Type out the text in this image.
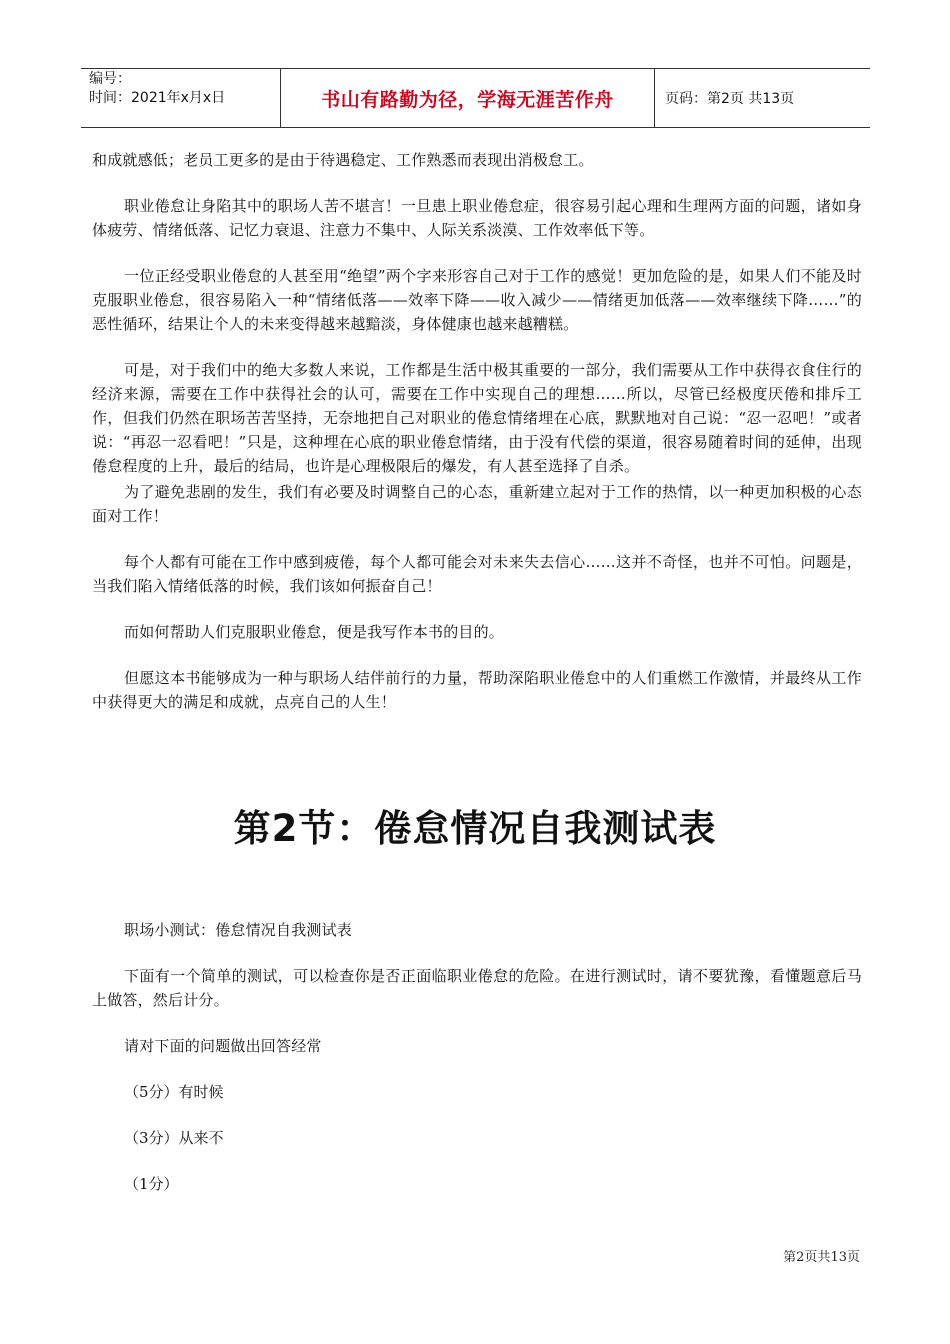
编号：
时间：2021年x月x日	书山有路勤为径，学海无涯苦作舟	页码：第2页 共13页

和成就感低；老员工更多的是由于待遇稳定、工作熟悉而表现出消极怠工。

职业倦怠让身陷其中的职场人苦不堪言！一旦患上职业倦怠症，很容易引起心理和生理两方面的问题，诸如身体疲劳、情绪低落、记忆力衰退、注意力不集中、人际关系淡漠、工作效率低下等。

一位正经受职业倦怠的人甚至用“绝望”两个字来形容自己对于工作的感觉！更加危险的是，如果人们不能及时克服职业倦怠，很容易陷入一种“情绪低落——效率下降——收入减少——情绪更加低落——效率继续下降……”的恶性循环，结果让个人的未来变得越来越黯淡，身体健康也越来越糟糕。

可是，对于我们中的绝大多数人来说，工作都是生活中极其重要的一部分，我们需要从工作中获得衣食住行的经济来源，需要在工作中获得社会的认可，需要在工作中实现自己的理想……所以，尽管已经极度厌倦和排斥工作，但我们仍然在职场苦苦坚持，无奈地把自己对职业的倦怠情绪埋在心底，默默地对自己说：“忍一忍吧！”或者说：“再忍一忍看吧！”只是，这种埋在心底的职业倦怠情绪，由于没有代偿的渠道，很容易随着时间的延伸，出现倦怠程度的上升，最后的结局，也许是心理极限后的爆发，有人甚至选择了自杀。

为了避免悲剧的发生，我们有必要及时调整自己的心态，重新建立起对于工作的热情，以一种更加积极的心态面对工作！

每个人都有可能在工作中感到疲倦，每个人都可能会对未来失去信心……这并不奇怪，也并不可怕。问题是，当我们陷入情绪低落的时候，我们该如何振奋自己！

而如何帮助人们克服职业倦怠，便是我写作本书的目的。

但愿这本书能够成为一种与职场人结伴前行的力量，帮助深陷职业倦怠中的人们重燃工作激情，并最终从工作中获得更大的满足和成就，点亮自己的人生！

第2节：倦怠情况自我测试表

职场小测试：倦怠情况自我测试表

下面有一个简单的测试，可以检查你是否正面临职业倦怠的危险。在进行测试时，请不要犹豫，看懂题意后马上做答，然后计分。

请对下面的问题做出回答经常

（5分）有时候

（3分）从来不

（1分）

第2页共13页
